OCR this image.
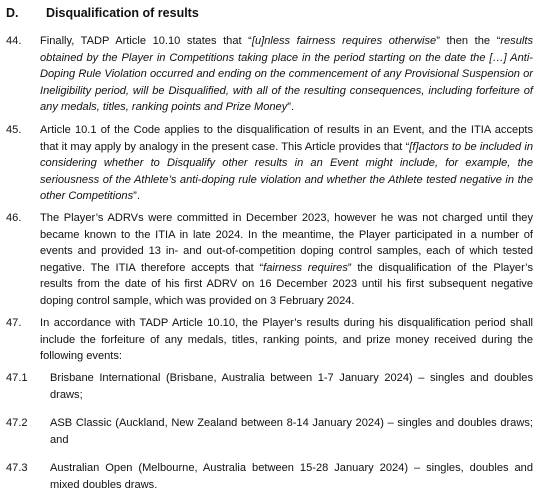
D. Disqualification of results
44.	Finally, TADP Article 10.10 states that “[u]nless fairness requires otherwise” then the “results obtained by the Player in Competitions taking place in the period starting on the date the […] Anti-Doping Rule Violation occurred and ending on the commencement of any Provisional Suspension or Ineligibility period, will be Disqualified, with all of the resulting consequences, including forfeiture of any medals, titles, ranking points and Prize Money”.
45.	Article 10.1 of the Code applies to the disqualification of results in an Event, and the ITIA accepts that it may apply by analogy in the present case. This Article provides that “[f]actors to be included in considering whether to Disqualify other results in an Event might include, for example, the seriousness of the Athlete’s anti-doping rule violation and whether the Athlete tested negative in the other Competitions”.
46.	The Player’s ADRVs were committed in December 2023, however he was not charged until they became known to the ITIA in late 2024. In the meantime, the Player participated in a number of events and provided 13 in- and out-of-competition doping control samples, each of which tested negative. The ITIA therefore accepts that “fairness requires” the disqualification of the Player’s results from the date of his first ADRV on 16 December 2023 until his first subsequent negative doping control sample, which was provided on 3 February 2024.
47.	In accordance with TADP Article 10.10, the Player’s results during his disqualification period shall include the forfeiture of any medals, titles, ranking points, and prize money received during the following events:
47.1	Brisbane International (Brisbane, Australia between 1-7 January 2024) – singles and doubles draws;
47.2	ASB Classic (Auckland, New Zealand between 8-14 January 2024) – singles and doubles draws; and
47.3	Australian Open (Melbourne, Australia between 15-28 January 2024) – singles, doubles and mixed doubles draws.
